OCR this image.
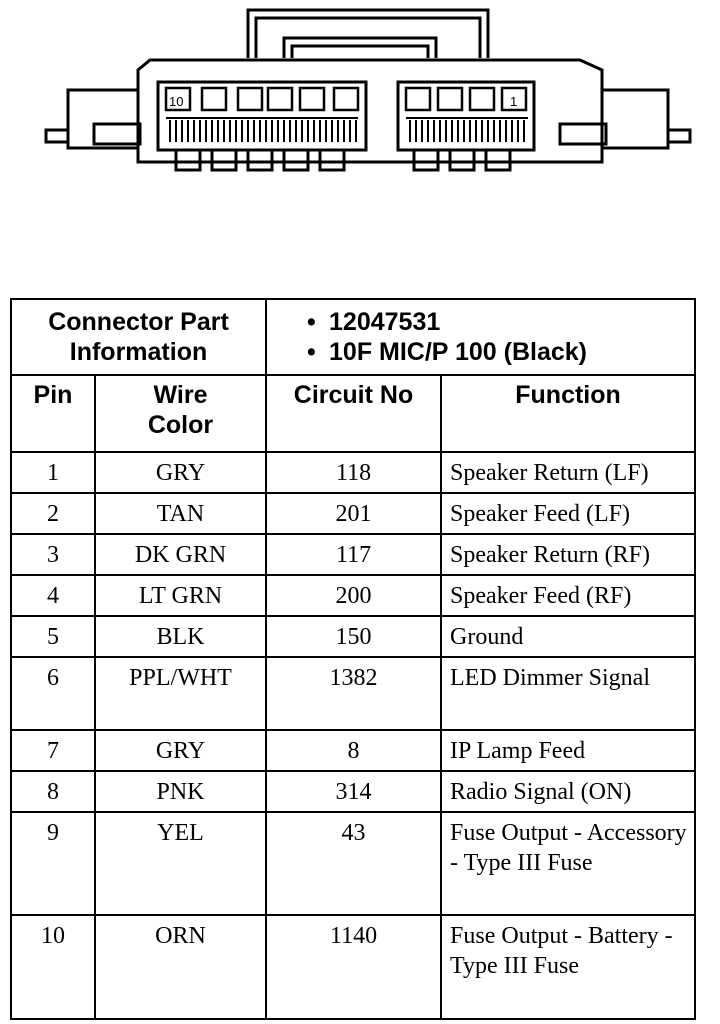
10	1
Connector Part Information		• 12047531
• 10F MIC/P 100 (Black)	

Pin	Wire Color	Circuit No	Function
1	GRY	118	Speaker Return (LF)
2	TAN	201	Speaker Feed (LF)
3	DK GRN	117	Speaker Return (RF)
4	LT GRN	200	Speaker Feed (RF)
5	BLK	150	Ground
6	PPL/WHT	1382	LED Dimmer Signal
7	GRY	8	IP Lamp Feed
8	PNK	314	Radio Signal (ON)
9	YEL	43	Fuse Output - Accessory - Type III Fuse
10	ORN	1140	Fuse Output - Battery - Type III Fuse
